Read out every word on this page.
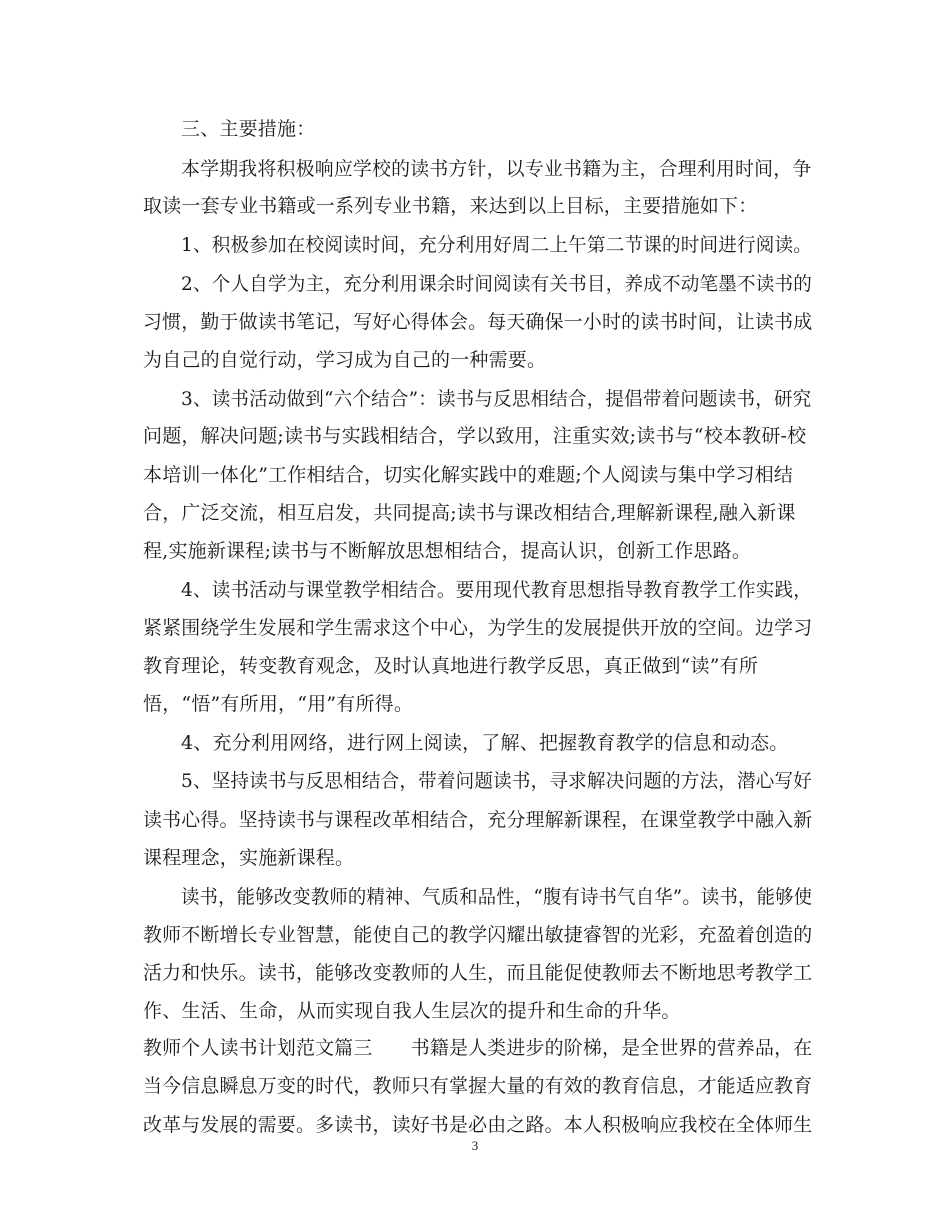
三、主要措施：
本学期我将积极响应学校的读书方针，以专业书籍为主，合理利用时间，争
取读一套专业书籍或一系列专业书籍，来达到以上目标，主要措施如下：
1、积极参加在校阅读时间，充分利用好周二上午第二节课的时间进行阅读。
2、个人自学为主，充分利用课余时间阅读有关书目，养成不动笔墨不读书的
习惯，勤于做读书笔记，写好心得体会。每天确保一小时的读书时间，让读书成
为自己的自觉行动，学习成为自己的一种需要。
3、读书活动做到“六个结合”：读书与反思相结合，提倡带着问题读书，研究
问题，解决问题;读书与实践相结合，学以致用，注重实效;读书与“校本教研-校
本培训一体化”工作相结合，切实化解实践中的难题;个人阅读与集中学习相结
合，广泛交流，相互启发，共同提高;读书与课改相结合,理解新课程,融入新课
程,实施新课程;读书与不断解放思想相结合，提高认识，创新工作思路。
4、读书活动与课堂教学相结合。要用现代教育思想指导教育教学工作实践，
紧紧围绕学生发展和学生需求这个中心，为学生的发展提供开放的空间。边学习
教育理论，转变教育观念，及时认真地进行教学反思，真正做到“读”有所
悟，“悟”有所用，“用”有所得。
4、充分利用网络，进行网上阅读，了解、把握教育教学的信息和动态。
5、坚持读书与反思相结合，带着问题读书，寻求解决问题的方法，潜心写好
读书心得。坚持读书与课程改革相结合，充分理解新课程，在课堂教学中融入新
课程理念，实施新课程。
读书，能够改变教师的精神、气质和品性，“腹有诗书气自华”。读书，能够使
教师不断增长专业智慧，能使自己的教学闪耀出敏捷睿智的光彩，充盈着创造的
活力和快乐。读书，能够改变教师的人生，而且能促使教师去不断地思考教学工
作、生活、生命，从而实现自我人生层次的提升和生命的升华。
教师个人读书计划范文篇三　　书籍是人类进步的阶梯，是全世界的营养品，在
当今信息瞬息万变的时代，教师只有掌握大量的有效的教育信息，才能适应教育
改革与发展的需要。多读书，读好书是必由之路。本人积极响应我校在全体师生
3
